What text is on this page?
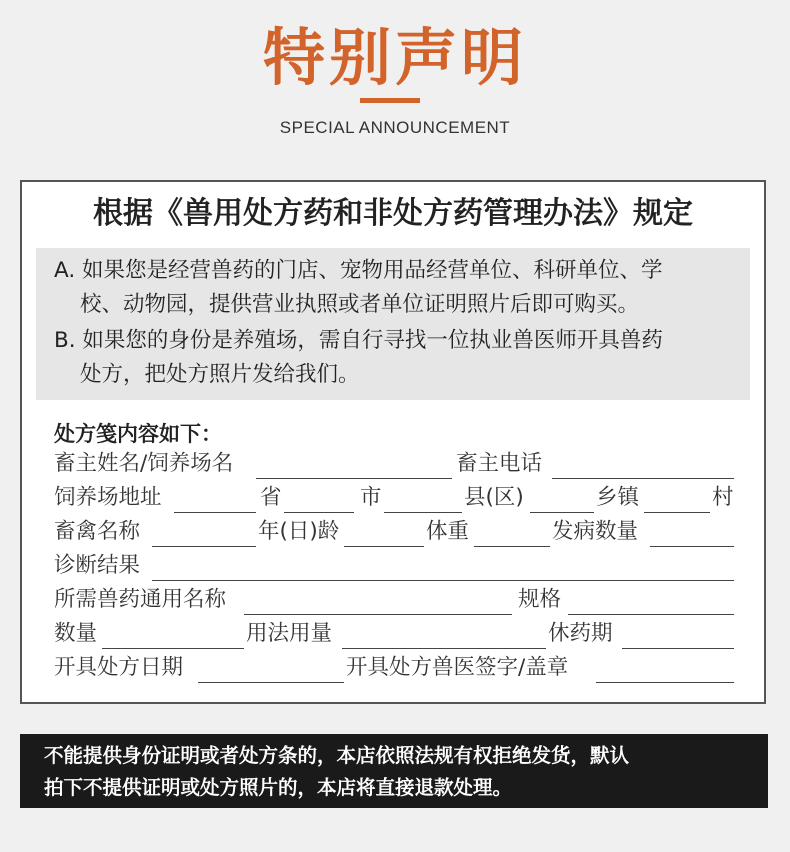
特别声明
SPECIAL ANNOUNCEMENT
根据《兽用处方药和非处方药管理办法》规定
A. 如果您是经营兽药的门店、宠物用品经营单位、科研单位、学
校、动物园，提供营业执照或者单位证明照片后即可购买。
B. 如果您的身份是养殖场，需自行寻找一位执业兽医师开具兽药
处方，把处方照片发给我们。
处方笺内容如下：
畜主姓名/饲养场名	畜主电话
饲养场地址	省	市	县(区)	乡镇	村
畜禽名称	年(日)龄	体重	发病数量
诊断结果
所需兽药通用名称	规格
数量	用法用量	休药期
开具处方日期	开具处方兽医签字/盖章
不能提供身份证明或者处方条的，本店依照法规有权拒绝发货，默认
拍下不提供证明或处方照片的，本店将直接退款处理。
